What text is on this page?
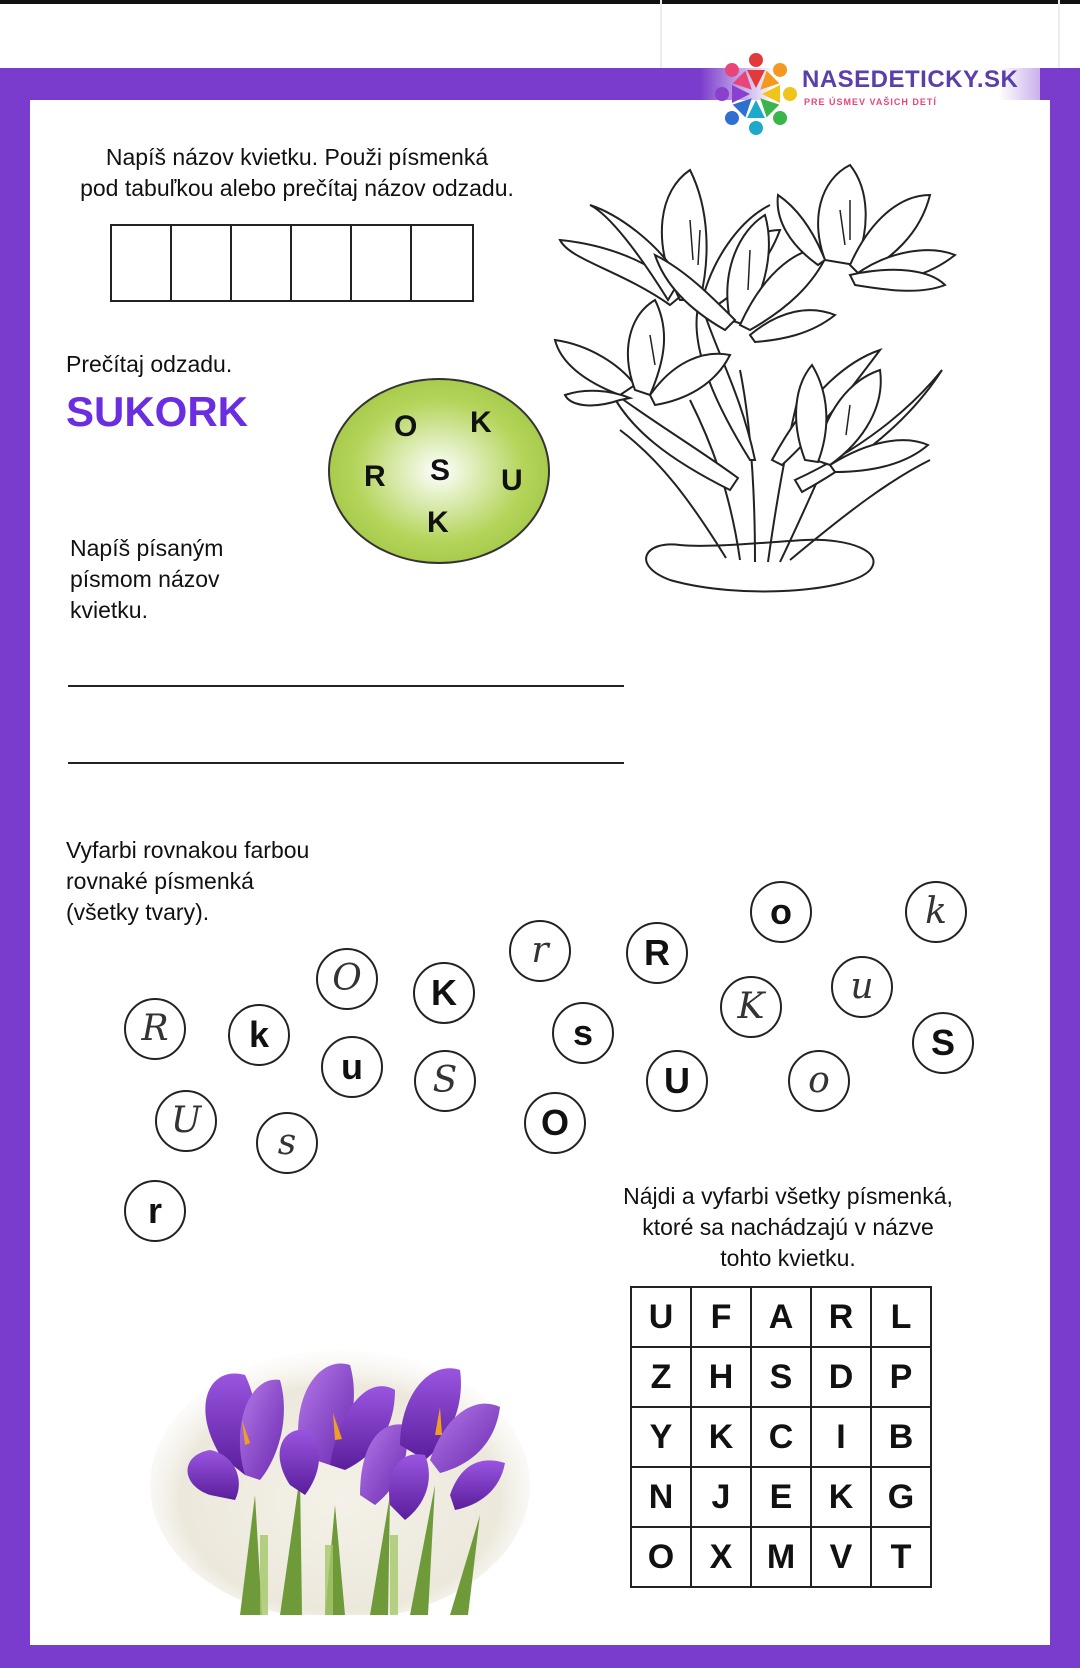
NASEDETICKY.SK
PRE ÚSMEV VAŠICH DETÍ
Napíš názov kvietku. Použi písmenká
pod tabuľkou alebo prečítaj názov odzadu.
Prečítaj odzadu.
SUKORK	O K
R S U
K
Napíš písaným
písmom názov
kvietku.
Vyfarbi rovnakou farbou
rovnaké písmenká
(všetky tvary).
R k
O K
u
r
s
R
o
K u
k
S
U
s
S
O
U	o
r	Nájdi a vyfarbi všetky písmenká,
ktoré sa nachádzajú v názve
tohto kvietku.
U	F	A	R	L
Z	H	S	D	P
Y	K	C	I	B
N	J	E	K	G
O	X	M	V	T
